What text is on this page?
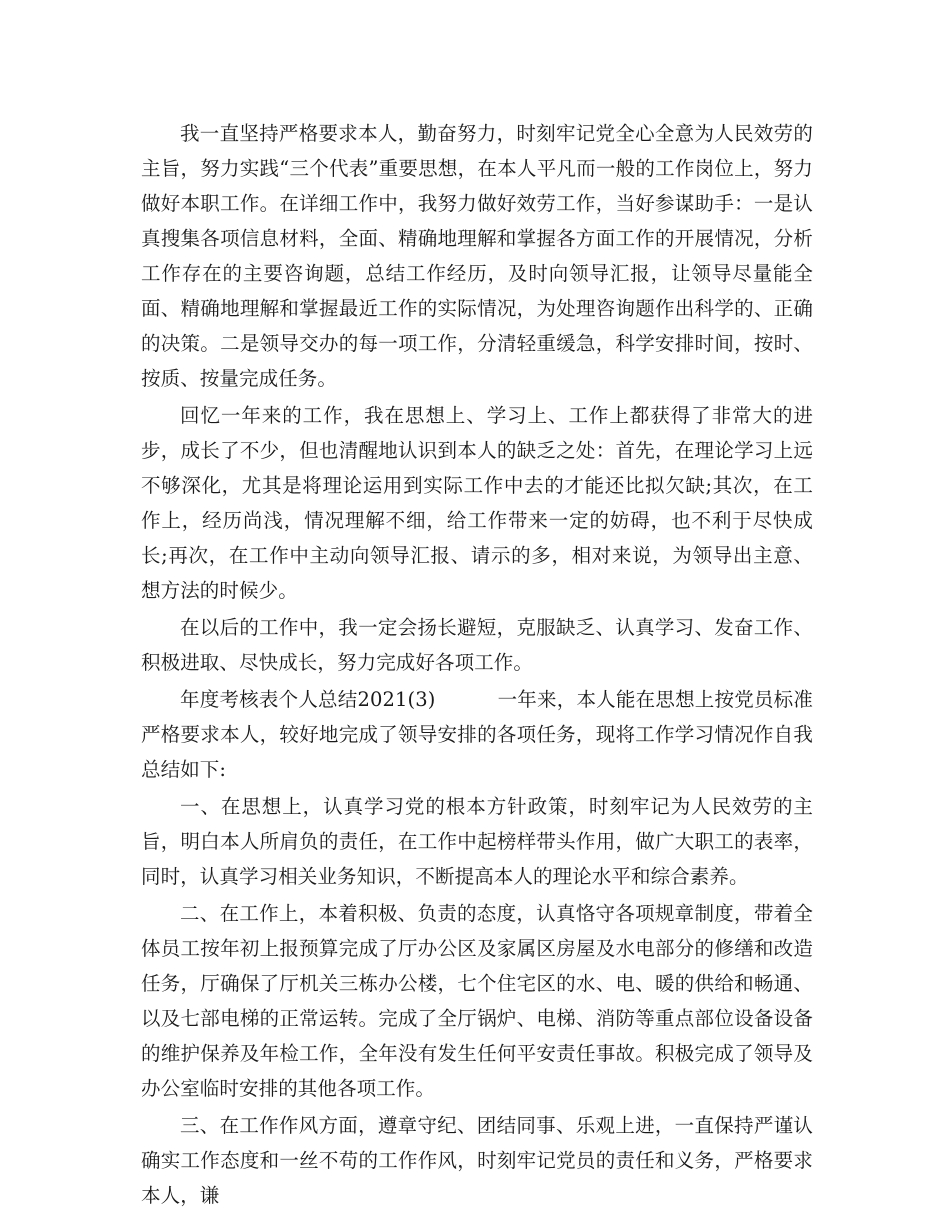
我一直坚持严格要求本人，勤奋努力，时刻牢记党全心全意为人民效劳的主旨，努力实践“三个代表”重要思想，在本人平凡而一般的工作岗位上，努力做好本职工作。在详细工作中，我努力做好效劳工作，当好参谋助手：一是认真搜集各项信息材料，全面、精确地理解和掌握各方面工作的开展情况，分析工作存在的主要咨询题，总结工作经历，及时向领导汇报，让领导尽量能全面、精确地理解和掌握最近工作的实际情况，为处理咨询题作出科学的、正确的决策。二是领导交办的每一项工作，分清轻重缓急，科学安排时间，按时、按质、按量完成任务。

回忆一年来的工作，我在思想上、学习上、工作上都获得了非常大的进步，成长了不少，但也清醒地认识到本人的缺乏之处：首先，在理论学习上远不够深化，尤其是将理论运用到实际工作中去的才能还比拟欠缺;其次，在工作上，经历尚浅，情况理解不细，给工作带来一定的妨碍，也不利于尽快成长;再次，在工作中主动向领导汇报、请示的多，相对来说，为领导出主意、想方法的时候少。

在以后的工作中，我一定会扬长避短，克服缺乏、认真学习、发奋工作、积极进取、尽快成长，努力完成好各项工作。

年度考核表个人总结2021(3)	一年来，本人能在思想上按党员标准严格要求本人，较好地完成了领导安排的各项任务，现将工作学习情况作自我总结如下:

一、在思想上，认真学习党的根本方针政策，时刻牢记为人民效劳的主旨，明白本人所肩负的责任，在工作中起榜样带头作用，做广大职工的表率，同时，认真学习相关业务知识，不断提高本人的理论水平和综合素养。

二、在工作上，本着积极、负责的态度，认真恪守各项规章制度，带着全体员工按年初上报预算完成了厅办公区及家属区房屋及水电部分的修缮和改造任务，厅确保了厅机关三栋办公楼，七个住宅区的水、电、暖的供给和畅通、以及七部电梯的正常运转。完成了全厅锅炉、电梯、消防等重点部位设备设备的维护保养及年检工作，全年没有发生任何平安责任事故。积极完成了领导及办公室临时安排的其他各项工作。

三、在工作作风方面，遵章守纪、团结同事、乐观上进，一直保持严谨认确实工作态度和一丝不苟的工作作风，时刻牢记党员的责任和义务，严格要求本人，谦
